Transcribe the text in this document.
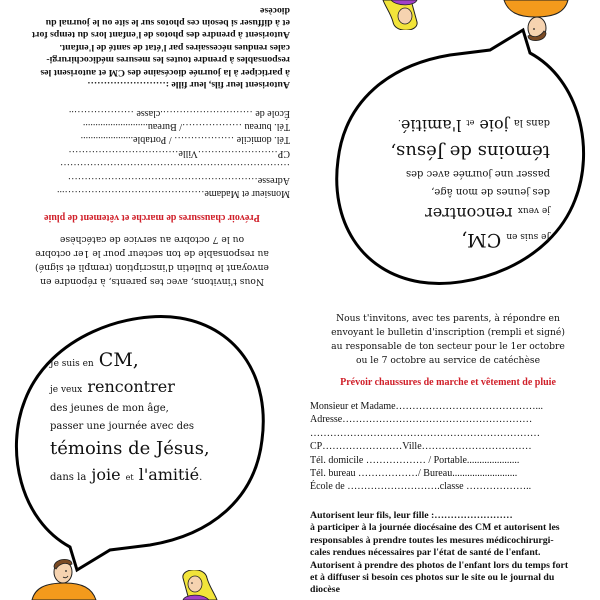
Je suis en CM,
je veux rencontrer
des jeunes de mon âge,
passer une journée avec des
témoins de Jésus,
dans la joie et l'amitié.
Nous t'invitons, avec tes parents, à répondre en
envoyant le bulletin d'inscription (rempli et signé)
au responsable de ton secteur pour le 1er octobre
ou le 7 octobre au service de catéchèse
Prévoir chaussures de marche et vêtement de pluie
Monsieur et Madame……………………………………...
Adresse…………………………………………………
……………………………………………………………
CP……………………Ville……………………………
Tél. domicile ……………… / Portable.....................
Tél. bureau ………………/ Bureau..........................
École de ……………………….classe ………………..
Autorisent leur fils, leur fille :……………………
à participer à la journée diocésaine des CM et autorisent les
responsables à prendre toutes les mesures médicochirurgi-
cales rendues nécessaires par l'état de santé de l'enfant.
Autorisent à prendre des photos de l'enfant lors du temps fort
et à diffuser si besoin ces photos sur le site ou le journal du
diocèse
Je suis en CM,
je veux rencontrer
des jeunes de mon âge,
passer une journée avec des
témoins de Jésus,
dans la joie et l'amitié.
Nous t'invitons, avec tes parents, à répondre en
envoyant le bulletin d'inscription (rempli et signé)
au responsable de ton secteur pour le 1er octobre
ou le 7 octobre au service de catéchèse
Prévoir chaussures de marche et vêtement de pluie
Monsieur et Madame……………………………………...
Adresse…………………………………………………
……………………………………………………………
CP……………………Ville……………………………
Tél. domicile ……………… / Portable.....................
Tél. bureau ………………/ Bureau..........................
École de ……………………….classe ………………..
Autorisent leur fils, leur fille :……………………
à participer à la journée diocésaine des CM et autorisent les
responsables à prendre toutes les mesures médicochirurgi-
cales rendues nécessaires par l'état de santé de l'enfant.
Autorisent à prendre des photos de l'enfant lors du temps fort
et à diffuser si besoin ces photos sur le site ou le journal du
diocèse
